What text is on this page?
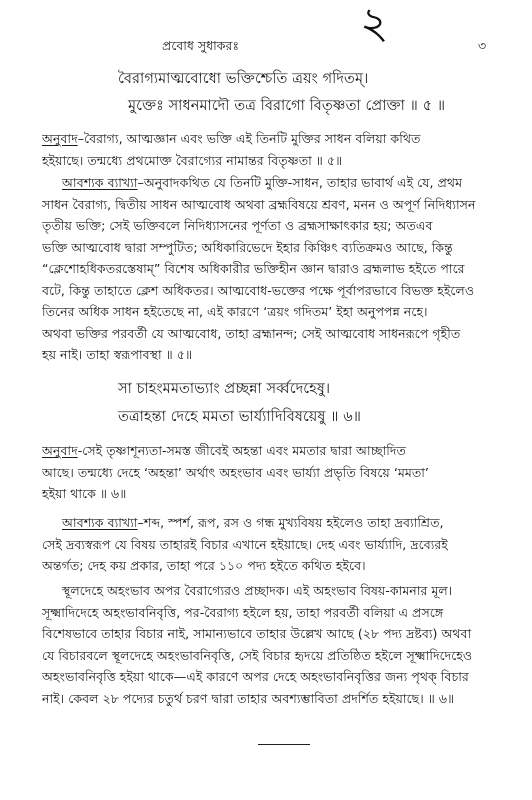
২
প্রবোধ সুধাকরঃ	৩
বৈরাগ্যমাত্মবোধো ভক্তিশ্চেতি ত্রয়ং গদিতম্।
মুক্তেঃ সাধনমাদৌ তত্র বিরাগো বিতৃষ্ণতা প্রোক্তা ॥ ৫ ॥
অনুবাদ–বৈরাগ্য, আত্মজ্ঞান এবং ভক্তি এই তিনটি মুক্তির সাধন বলিয়া কথিত
হইয়াছে। তন্মধ্যে প্রথমোক্ত বৈরাগ্যের নামান্তর বিতৃষ্ণতা ॥ ৫॥
আবশ্যক ব্যাখ্যা–অনুবাদকথিত যে তিনটি মুক্তি-সাধন, তাহার ভাবার্থ এই যে, প্রথম
সাধন বৈরাগ্য, দ্বিতীয় সাধন আত্মবোধ অথবা ব্রহ্মবিষয়ে শ্রবণ, মনন ও অপূর্ণ নিদিধ্যাসন
তৃতীয় ভক্তি; সেই ভক্তিবলে নিদিধ্যাসনের পূর্ণতা ও ব্রহ্মসাক্ষাৎকার হয়; অতএব
ভক্তি আত্মবোধ দ্বারা সম্পুটিত; অধিকারিভেদে ইহার কিঞ্চিৎ ব্যতিক্রমও আছে, কিন্তু
“ক্লেশোহধিকতরস্তেষাম্” বিশেষ অধিকারীর ভক্তিহীন জ্ঞান দ্বারাও ব্রহ্মলাভ হইতে পারে
বটে, কিন্তু তাহাতে ক্লেশ অধিকতর। আত্মবোধ-ভক্তের পক্ষে পূর্বাপরভাবে বিভক্ত হইলেও
তিনের অধিক সাধন হইতেছে না, এই কারণে ‘ত্রয়ং গদিতম’ ইহা অনুপপন্ন নহে।
অথবা ভক্তির পরবর্তী যে আত্মবোধ, তাহা ব্রহ্মানন্দ; সেই আত্মবোধ সাধনরূপে গৃহীত
হয় নাই। তাহা স্বরূপাবস্থা ॥ ৫॥
সা চাহংমমতাভ্যাং প্রচ্ছন্না সর্ব্বদেহেষু।
তত্রাহন্তা দেহে মমতা ভার্য্যাদিবিষয়েষু ॥ ৬॥
অনুবাদ-সেই তৃষ্ণাশূন্যতা-সমস্ত জীবেই অহন্তা এবং মমতার দ্বারা আচ্ছাদিত
আছে। তন্মধ্যে দেহে ‘অহন্তা’ অর্থাৎ অহংভাব এবং ভার্য্যা প্রভৃতি বিষয়ে ‘মমতা’
হইয়া থাকে ॥ ৬॥
আবশ্যক ব্যাখ্যা–শব্দ, স্পর্শ, রূপ, রস ও গন্ধ মুখ্যবিষয় হইলেও তাহা দ্রব্যাশ্রিত,
সেই দ্রব্যস্বরূপ যে বিষয় তাহারই বিচার এখানে হইয়াছে। দেহ এবং ভার্য্যাদি, দ্রব্যেরই
অন্তর্গত; দেহ কয় প্রকার, তাহা পরে ১১০ পদ্য হইতে কথিত হইবে।
স্থূলদেহে অহংভাব অপর বৈরাগ্যেরও প্রচ্ছাদক। এই অহংভাব বিষয়-কামনার মূল।
সূক্ষ্মাদিদেহে অহংভাবনিবৃত্তি, পর-বৈরাগ্য হইলে হয়, তাহা পরবর্তী বলিয়া এ প্রসঙ্গে
বিশেষভাবে তাহার বিচার নাই, সামান্যভাবে তাহার উল্লেখ আছে (২৮ পদ্য দ্রষ্টব্য) অথবা
যে বিচারবলে স্থূলদেহে অহংভাবনিবৃত্তি, সেই বিচার হৃদয়ে প্রতিষ্ঠিত হইলে সূক্ষ্মাদিদেহেও
অহংভাবনিবৃত্তি হইয়া থাকে—এই কারণে অপর দেহে অহংভাবনিবৃত্তির জন্য পৃথক্ বিচার
নাই। কেবল ২৮ পদ্যের চতুর্থ চরণ দ্বারা তাহার অবশ্যম্ভাবিতা প্রদর্শিত হইয়াছে। ॥ ৬॥
